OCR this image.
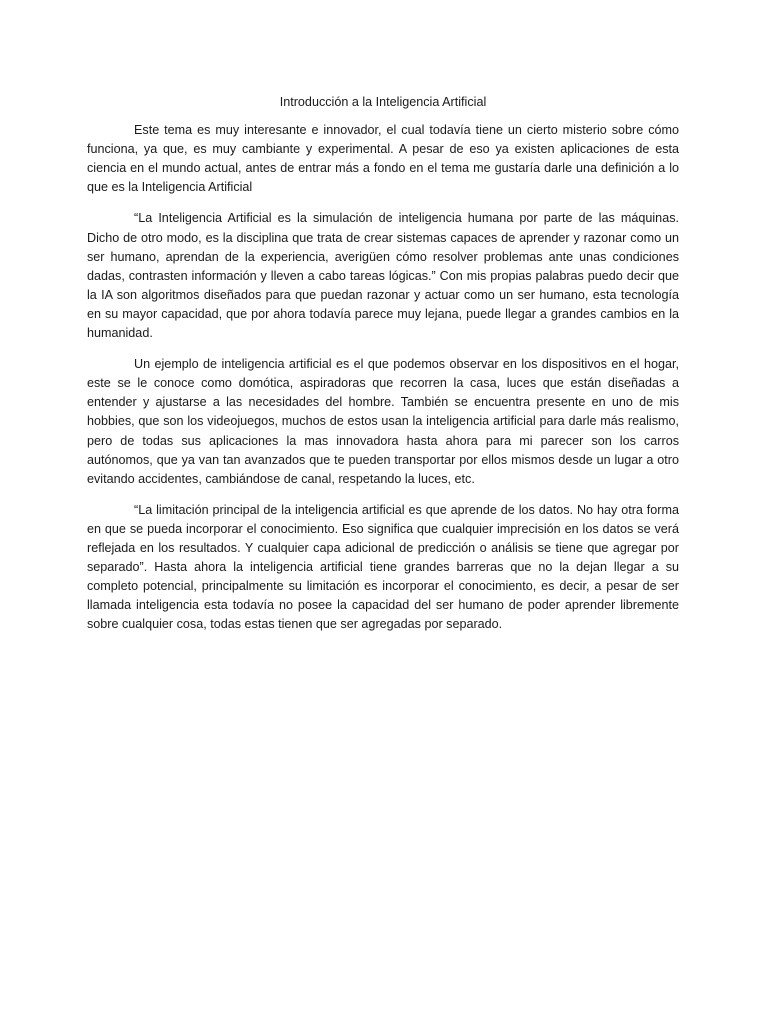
Introducción a la Inteligencia Artificial

Este tema es muy interesante e innovador, el cual todavía tiene un cierto misterio sobre cómo funciona, ya que, es muy cambiante y experimental. A pesar de eso ya existen aplicaciones de esta ciencia en el mundo actual, antes de entrar más a fondo en el tema me gustaría darle una definición a lo que es la Inteligencia Artificial

“La Inteligencia Artificial es la simulación de inteligencia humana por parte de las máquinas. Dicho de otro modo, es la disciplina que trata de crear sistemas capaces de aprender y razonar como un ser humano, aprendan de la experiencia, averigüen cómo resolver problemas ante unas condiciones dadas, contrasten información y lleven a cabo tareas lógicas.” Con mis propias palabras puedo decir que la IA son algoritmos diseñados para que puedan razonar y actuar como un ser humano, esta tecnología en su mayor capacidad, que por ahora todavía parece muy lejana, puede llegar a grandes cambios en la humanidad.

Un ejemplo de inteligencia artificial es el que podemos observar en los dispositivos en el hogar, este se le conoce como domótica, aspiradoras que recorren la casa, luces que están diseñadas a entender y ajustarse a las necesidades del hombre. También se encuentra presente en uno de mis hobbies, que son los videojuegos, muchos de estos usan la inteligencia artificial para darle más realismo, pero de todas sus aplicaciones la mas innovadora hasta ahora para mi parecer son los carros autónomos, que ya van tan avanzados que te pueden transportar por ellos mismos desde un lugar a otro evitando accidentes, cambiándose de canal, respetando la luces, etc.

“La limitación principal de la inteligencia artificial es que aprende de los datos. No hay otra forma en que se pueda incorporar el conocimiento. Eso significa que cualquier imprecisión en los datos se verá reflejada en los resultados. Y cualquier capa adicional de predicción o análisis se tiene que agregar por separado”. Hasta ahora la inteligencia artificial tiene grandes barreras que no la dejan llegar a su completo potencial, principalmente su limitación es incorporar el conocimiento, es decir, a pesar de ser llamada inteligencia esta todavía no posee la capacidad del ser humano de poder aprender libremente sobre cualquier cosa, todas estas tienen que ser agregadas por separado.
